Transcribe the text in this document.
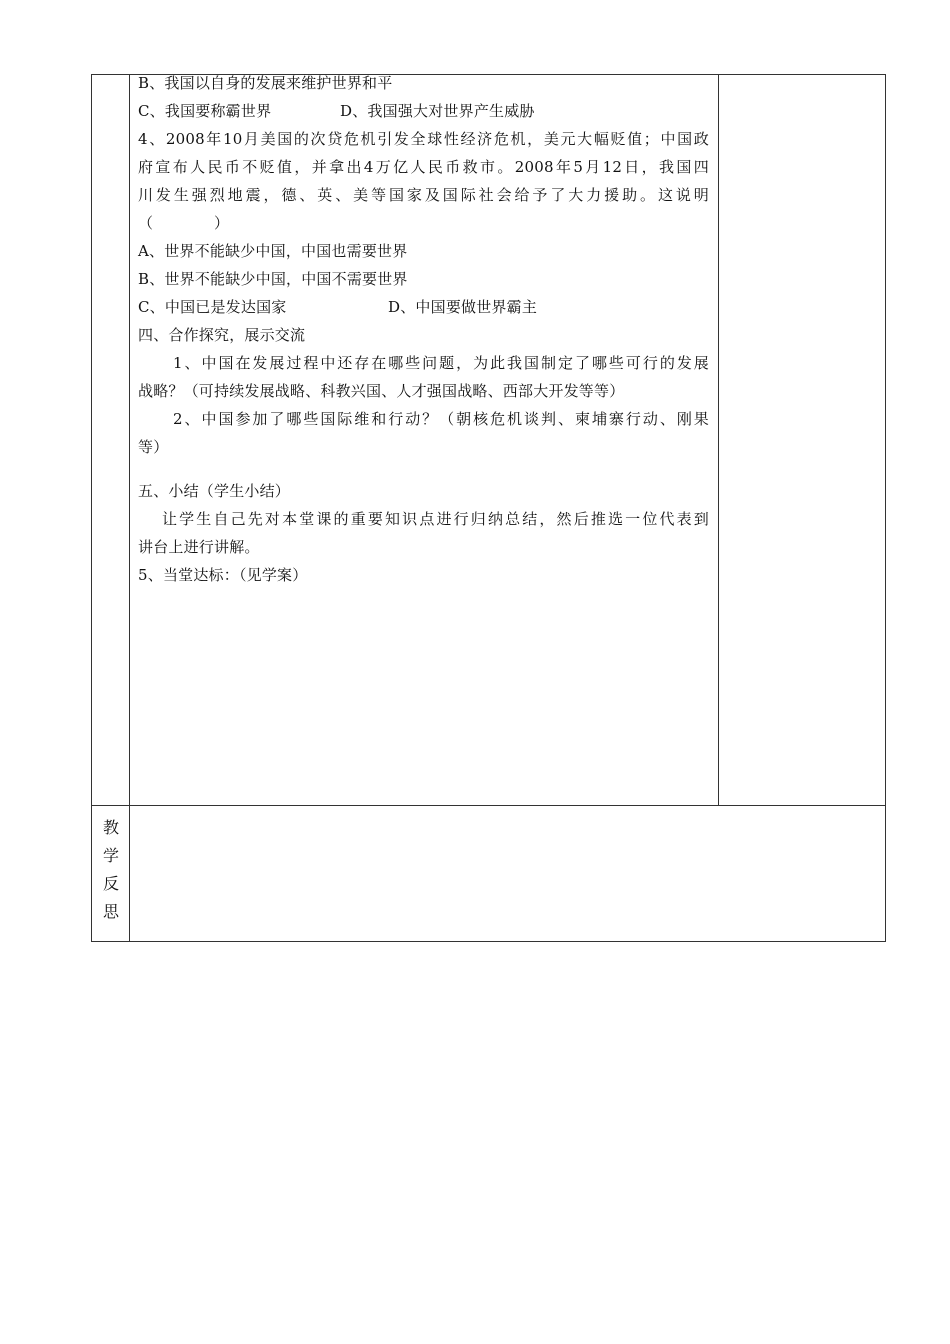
B、我国以自身的发展来维护世界和平
C、我国要称霸世界	D、我国强大对世界产生威胁
4、2008年10月美国的次贷危机引发全球性经济危机，美元大幅贬值；中国政
府宣布人民币不贬值，并拿出4万亿人民币救市。2008年5月12日，我国四
川发生强烈地震，德、英、美等国家及国际社会给予了大力援助。这说明
（　　　　）
A、世界不能缺少中国，中国也需要世界
B、世界不能缺少中国，中国不需要世界
C、中国已是发达国家	D、中国要做世界霸主
四、合作探究，展示交流
1、中国在发展过程中还存在哪些问题，为此我国制定了哪些可行的发展
战略？（可持续发展战略、科教兴国、人才强国战略、西部大开发等等）
2、中国参加了哪些国际维和行动？（朝核危机谈判、柬埔寨行动、刚果
等）
五、小结（学生小结）
让学生自己先对本堂课的重要知识点进行归纳总结，然后推选一位代表到
讲台上进行讲解。
5、当堂达标：（见学案）
教
学
反
思
